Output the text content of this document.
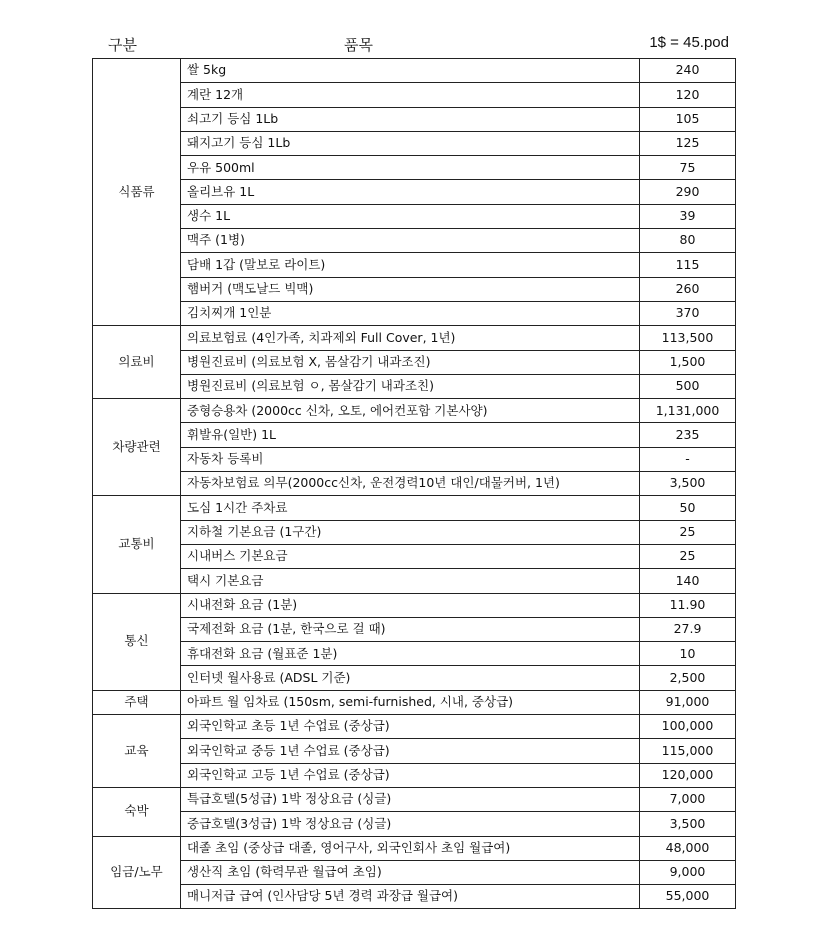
구분	품목	1$ = 45.pod
식품류	쌀 5kg	240
	계란 12개	120
	쇠고기 등심 1Lb	105
	돼지고기 등심 1Lb	125
	우유 500ml	75
	올리브유 1L	290
	생수 1L	39
	맥주 (1병)	80
	담배 1갑 (말보로 라이트)	115
	햄버거 (맥도날드 빅맥)	260
	김치찌개 1인분	370
의료비	의료보험료 (4인가족, 치과제외 Full Cover, 1년)	113,500
	병원진료비 (의료보험 X, 몸살감기 내과조진)	1,500
	병원진료비 (의료보험 ㅇ, 몸살감기 내과조친)	500
차량관련	중형승용차 (2000cc 신차, 오토, 에어컨포함 기본사양)	1,131,000
	휘발유(일반) 1L	235
	자동차 등록비	-
	자동차보험료 의무(2000cc신차, 운전경력10년 대인/대물커버, 1년)	3,500
교통비	도심 1시간 주차료	50
	지하철 기본요금 (1구간)	25
	시내버스 기본요금	25
	택시 기본요금	140
통신	시내전화 요금 (1분)	11.90
	국제전화 요금 (1분, 한국으로 걸 때)	27.9
	휴대전화 요금 (월표준 1분)	10
	인터넷 월사용료 (ADSL 기준)	2,500
주택	아파트 월 임차료 (150sm, semi-furnished, 시내, 중상급)	91,000
교육	외국인학교 초등 1년 수업료 (중상급)	100,000
	외국인학교 중등 1년 수업료 (중상급)	115,000
	외국인학교 고등 1년 수업료 (중상급)	120,000
숙박	특급호텔(5성급) 1박 정상요금 (싱글)	7,000
	중급호텔(3성급) 1박 정상요금 (싱글)	3,500
임금/노무	대졸 초임 (중상급 대졸, 영어구사, 외국인회사 초임 월급여)	48,000
	생산직 초임 (학력무관 월급여 초임)	9,000
	매니저급 급여 (인사담당 5년 경력 과장급 월급여)	55,000
